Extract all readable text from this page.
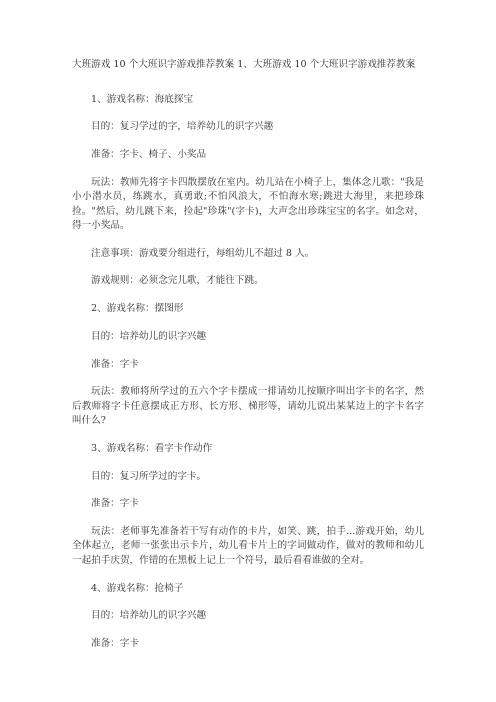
大班游戏 10 个大班识字游戏推荐教案 1、大班游戏 10 个大班识字游戏推荐教案
1、游戏名称：海底探宝
目的：复习学过的字，培养幼儿的识字兴趣
准备：字卡、椅子、小奖品
玩法：教师先将字卡四散摆放在室内。幼儿站在小椅子上，集体念儿歌："我是小小潜水员，练跳水，真勇敢;不怕风浪大，不怕海水寒;跳进大海里，来把珍珠捡。"然后，幼儿跳下来，捡起"珍珠"(字卡)，大声念出珍珠宝宝的名字。如念对，得一小奖品。
注意事项：游戏要分组进行，每组幼儿不超过 8 人。
游戏规则：必须念完儿歌，才能往下跳。
2、游戏名称：摆图形
目的：培养幼儿的识字兴趣
准备：字卡
玩法：教师将所学过的五六个字卡摆成一排请幼儿按顺序叫出字卡的名字，然后教师将字卡任意摆成正方形、长方形、梯形等，请幼儿说出某某边上的字卡名字叫什么?
3、游戏名称：看字卡作动作
目的：复习所学过的字卡。
准备：字卡
玩法：老师事先准备若干写有动作的卡片，如笑、跳，拍手...游戏开始，幼儿全体起立，老师一张张出示卡片，幼儿看卡片上的字词做动作，做对的教师和幼儿一起拍手庆贺，作错的在黑板上记上一个符号，最后看看谁做的全对。
4、游戏名称：抢椅子
目的：培养幼儿的识字兴趣
准备：字卡
